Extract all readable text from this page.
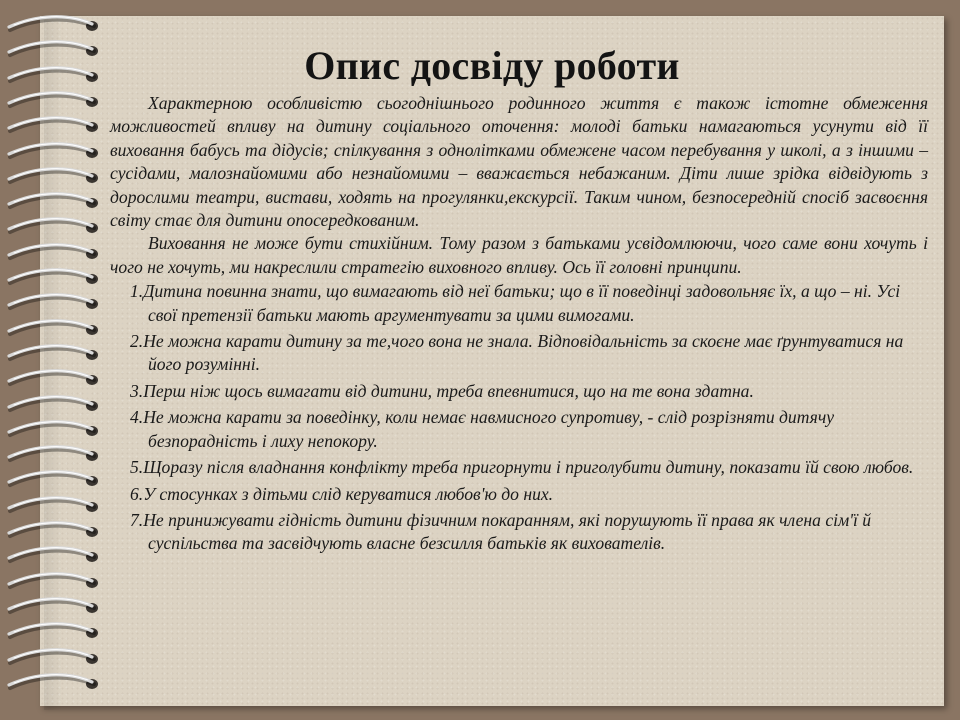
Опис досвіду роботи

Характерною особливістю сьогоднішнього родинного життя є також істотне обмеження можливостей впливу на дитину соціального оточення: молоді батьки намагаються усунути від її виховання бабусь та дідусів; спілкування з однолітками обмежене часом перебування у школі, а з іншими – сусідами, малознайомими або незнайомими – вважається небажаним. Діти лише зрідка відвідують з дорослими театри, вистави, ходять на прогулянки,екскурсії. Таким чином, безпосередній спосіб засвоєння світу стає для дитини опосередкованим.

Виховання не може бути стихійним. Тому разом з батьками усвідомлюючи, чого саме вони хочуть і чого не хочуть, ми накреслили стратегію виховного впливу. Ось її головні принципи.

1.Дитина повинна знати, що вимагають від неї батьки; що в її поведінці задовольняє їх, а що – ні. Усі свої претензії батьки мають аргументувати за цими вимогами.
2.Не можна карати дитину за те,чого вона не знала. Відповідальність за скоєне має ґрунтуватися на його розумінні.
3.Перш ніж щось вимагати від дитини, треба впевнитися, що на те вона здатна.
4.Не можна карати за поведінку, коли немає навмисного супротиву, - слід розрізняти дитячу безпорадність і лиху непокору.
5.Щоразу після владнання конфлікту треба пригорнути і приголубити дитину, показати їй свою любов.
6.У стосунках з дітьми слід керуватися любов'ю до них.
7.Не принижувати гідність дитини фізичним покаранням, які порушують її права як члена сім'ї й суспільства та засвідчують власне безсилля батьків як вихователів.
